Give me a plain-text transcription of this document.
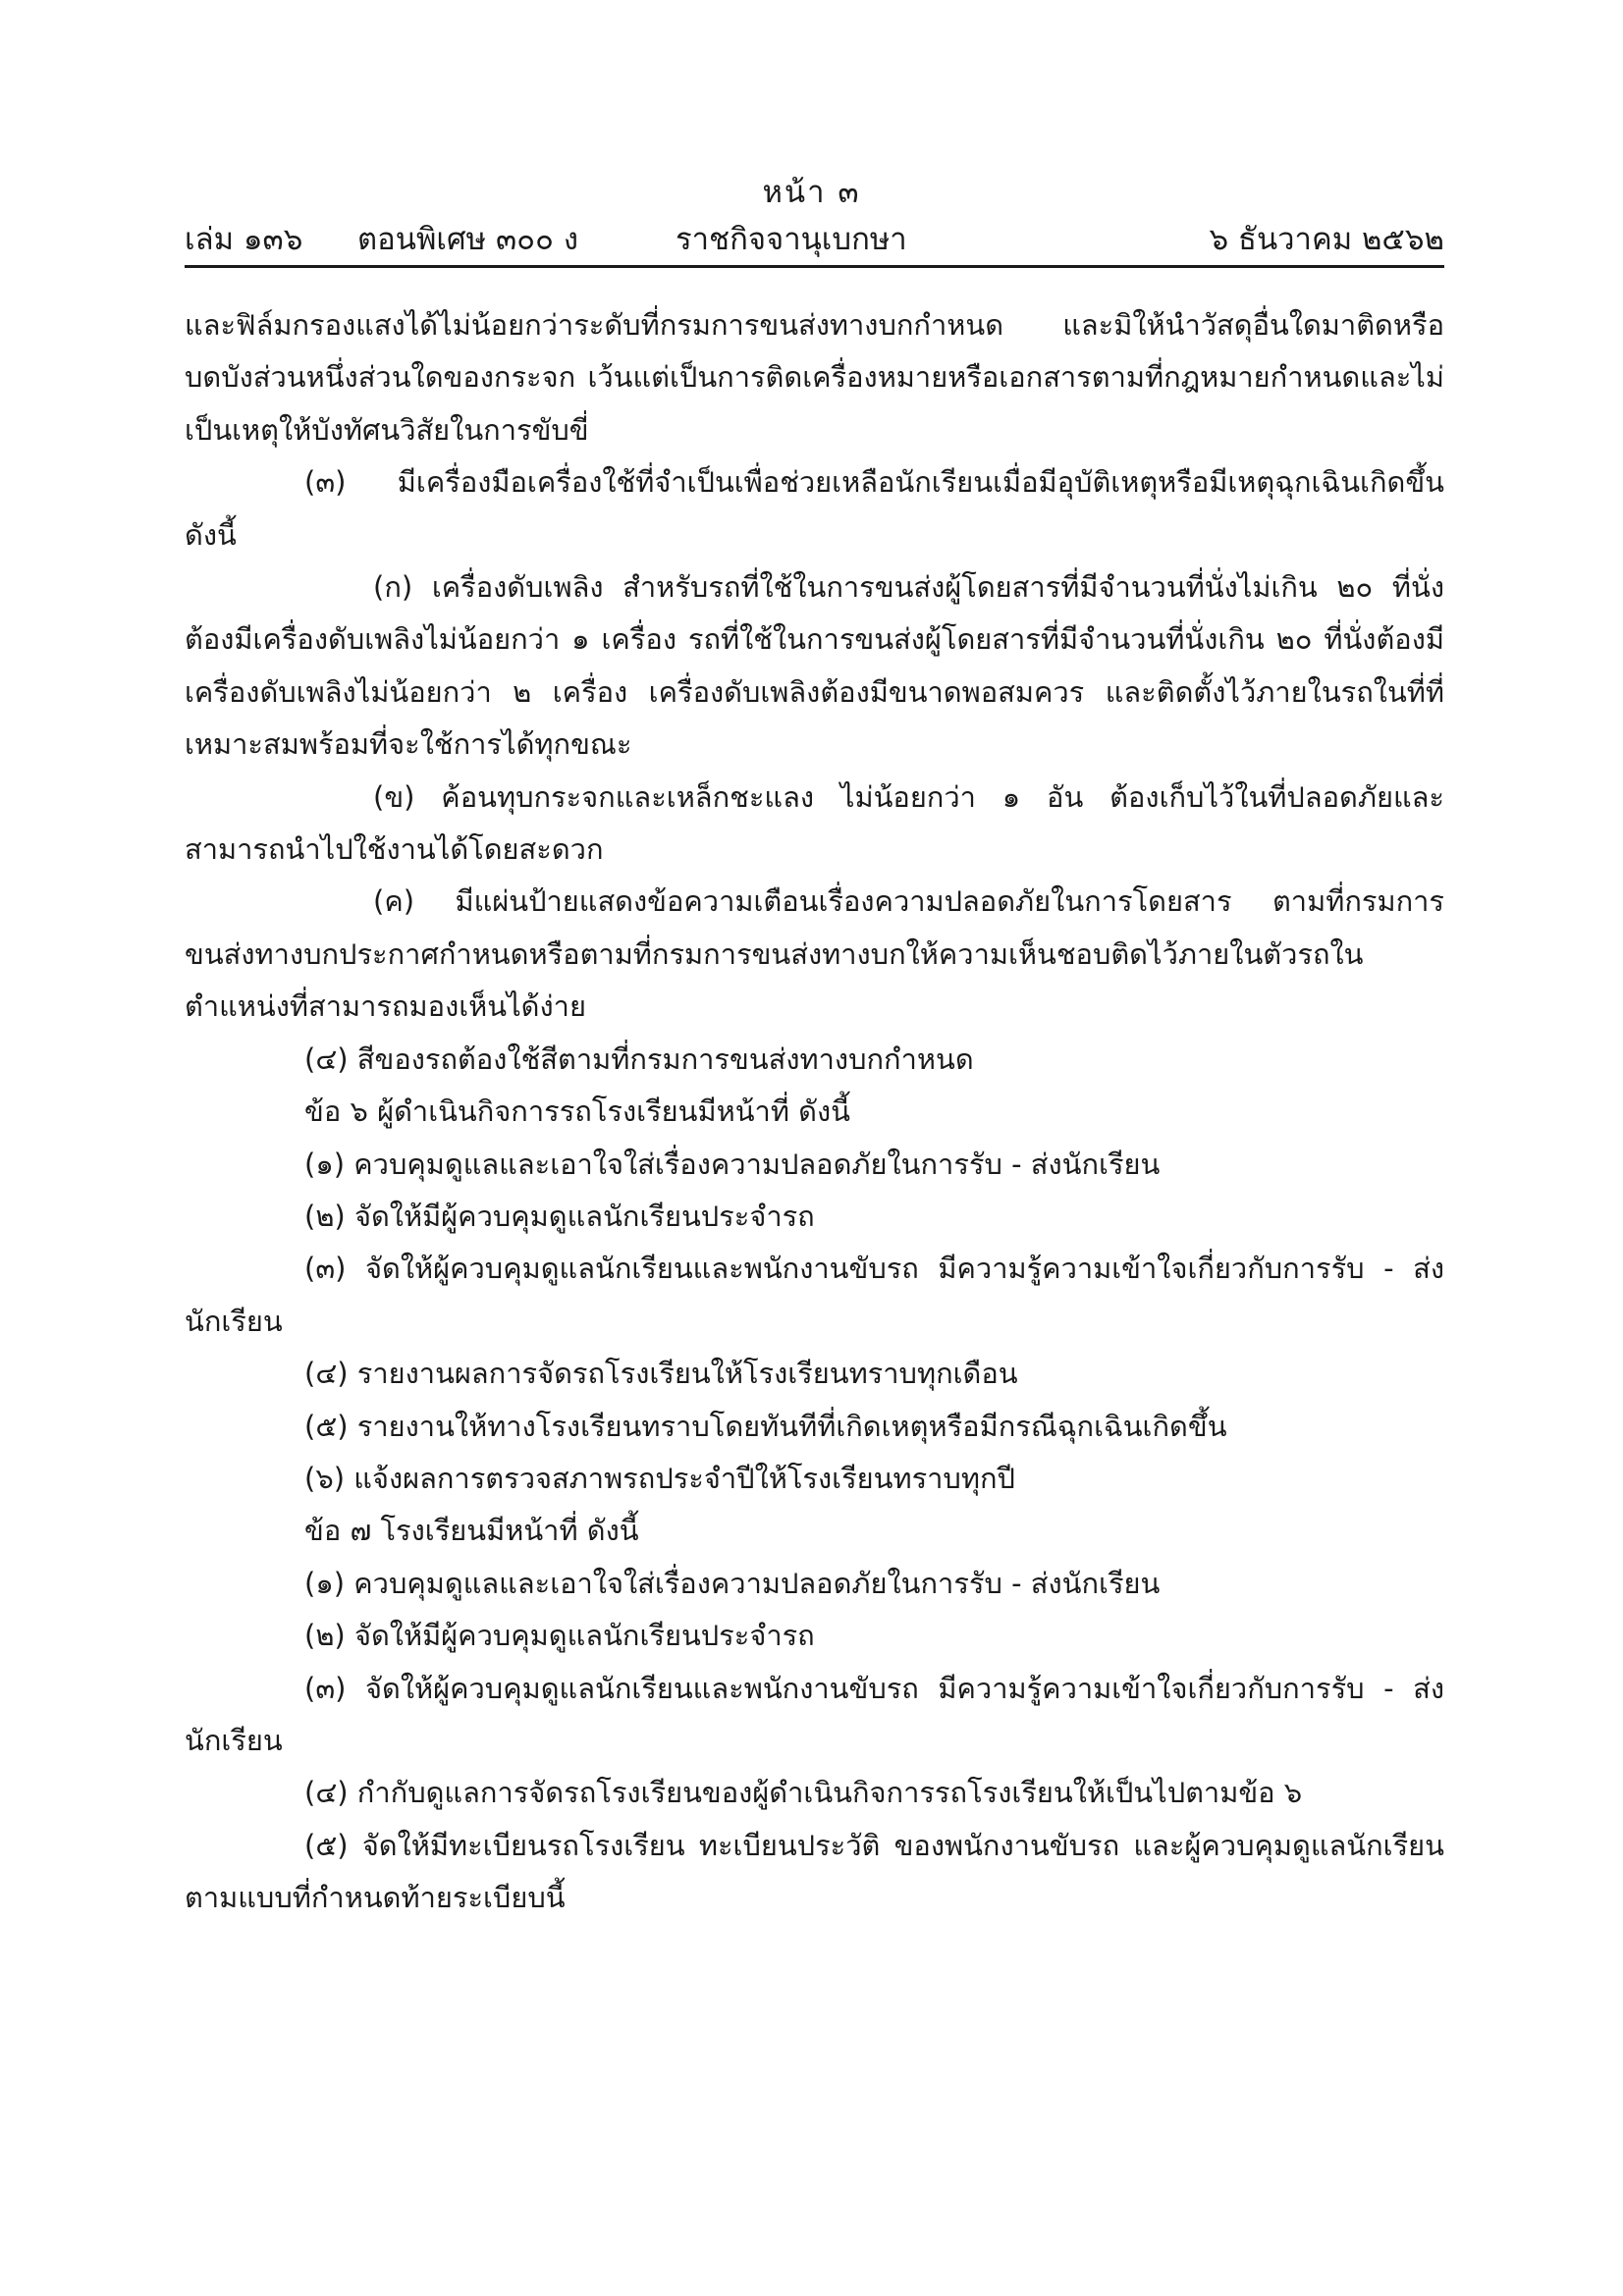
หน้า ๓
เล่ม ๑๓๖ ตอนพิเศษ ๓๐๐ ง	ราชกิจจานุเบกษา	๖ ธันวาคม ๒๕๖๒

และฟิล์มกรองแสงได้ไม่น้อยกว่าระดับที่กรมการขนส่งทางบกกำหนด และมิให้นำวัสดุอื่นใดมาติดหรือบดบังส่วนหนึ่งส่วนใดของกระจก เว้นแต่เป็นการติดเครื่องหมายหรือเอกสารตามที่กฎหมายกำหนดและไม่เป็นเหตุให้บังทัศนวิสัยในการขับขี่

(๓) มีเครื่องมือเครื่องใช้ที่จำเป็นเพื่อช่วยเหลือนักเรียนเมื่อมีอุบัติเหตุหรือมีเหตุฉุกเฉินเกิดขึ้นดังนี้

(ก) เครื่องดับเพลิง สำหรับรถที่ใช้ในการขนส่งผู้โดยสารที่มีจำนวนที่นั่งไม่เกิน ๒๐ ที่นั่งต้องมีเครื่องดับเพลิงไม่น้อยกว่า ๑ เครื่อง รถที่ใช้ในการขนส่งผู้โดยสารที่มีจำนวนที่นั่งเกิน ๒๐ ที่นั่งต้องมีเครื่องดับเพลิงไม่น้อยกว่า ๒ เครื่อง เครื่องดับเพลิงต้องมีขนาดพอสมควร และติดตั้งไว้ภายในรถในที่ที่เหมาะสมพร้อมที่จะใช้การได้ทุกขณะ

(ข) ค้อนทุบกระจกและเหล็กชะแลง ไม่น้อยกว่า ๑ อัน ต้องเก็บไว้ในที่ปลอดภัยและสามารถนำไปใช้งานได้โดยสะดวก

(ค) มีแผ่นป้ายแสดงข้อความเตือนเรื่องความปลอดภัยในการโดยสาร ตามที่กรมการขนส่งทางบกประกาศกำหนดหรือตามที่กรมการขนส่งทางบกให้ความเห็นชอบติดไว้ภายในตัวรถในตำแหน่งที่สามารถมองเห็นได้ง่าย

(๔) สีของรถต้องใช้สีตามที่กรมการขนส่งทางบกกำหนด

ข้อ ๖ ผู้ดำเนินกิจการรถโรงเรียนมีหน้าที่ ดังนี้

(๑) ควบคุมดูแลและเอาใจใส่เรื่องความปลอดภัยในการรับ - ส่งนักเรียน

(๒) จัดให้มีผู้ควบคุมดูแลนักเรียนประจำรถ

(๓) จัดให้ผู้ควบคุมดูแลนักเรียนและพนักงานขับรถ มีความรู้ความเข้าใจเกี่ยวกับการรับ - ส่งนักเรียน

(๔) รายงานผลการจัดรถโรงเรียนให้โรงเรียนทราบทุกเดือน

(๕) รายงานให้ทางโรงเรียนทราบโดยทันทีที่เกิดเหตุหรือมีกรณีฉุกเฉินเกิดขึ้น

(๖) แจ้งผลการตรวจสภาพรถประจำปีให้โรงเรียนทราบทุกปี

ข้อ ๗ โรงเรียนมีหน้าที่ ดังนี้

(๑) ควบคุมดูแลและเอาใจใส่เรื่องความปลอดภัยในการรับ - ส่งนักเรียน

(๒) จัดให้มีผู้ควบคุมดูแลนักเรียนประจำรถ

(๓) จัดให้ผู้ควบคุมดูแลนักเรียนและพนักงานขับรถ มีความรู้ความเข้าใจเกี่ยวกับการรับ - ส่งนักเรียน

(๔) กำกับดูแลการจัดรถโรงเรียนของผู้ดำเนินกิจการรถโรงเรียนให้เป็นไปตามข้อ ๖

(๕) จัดให้มีทะเบียนรถโรงเรียน ทะเบียนประวัติ ของพนักงานขับรถ และผู้ควบคุมดูแลนักเรียนตามแบบที่กำหนดท้ายระเบียบนี้
